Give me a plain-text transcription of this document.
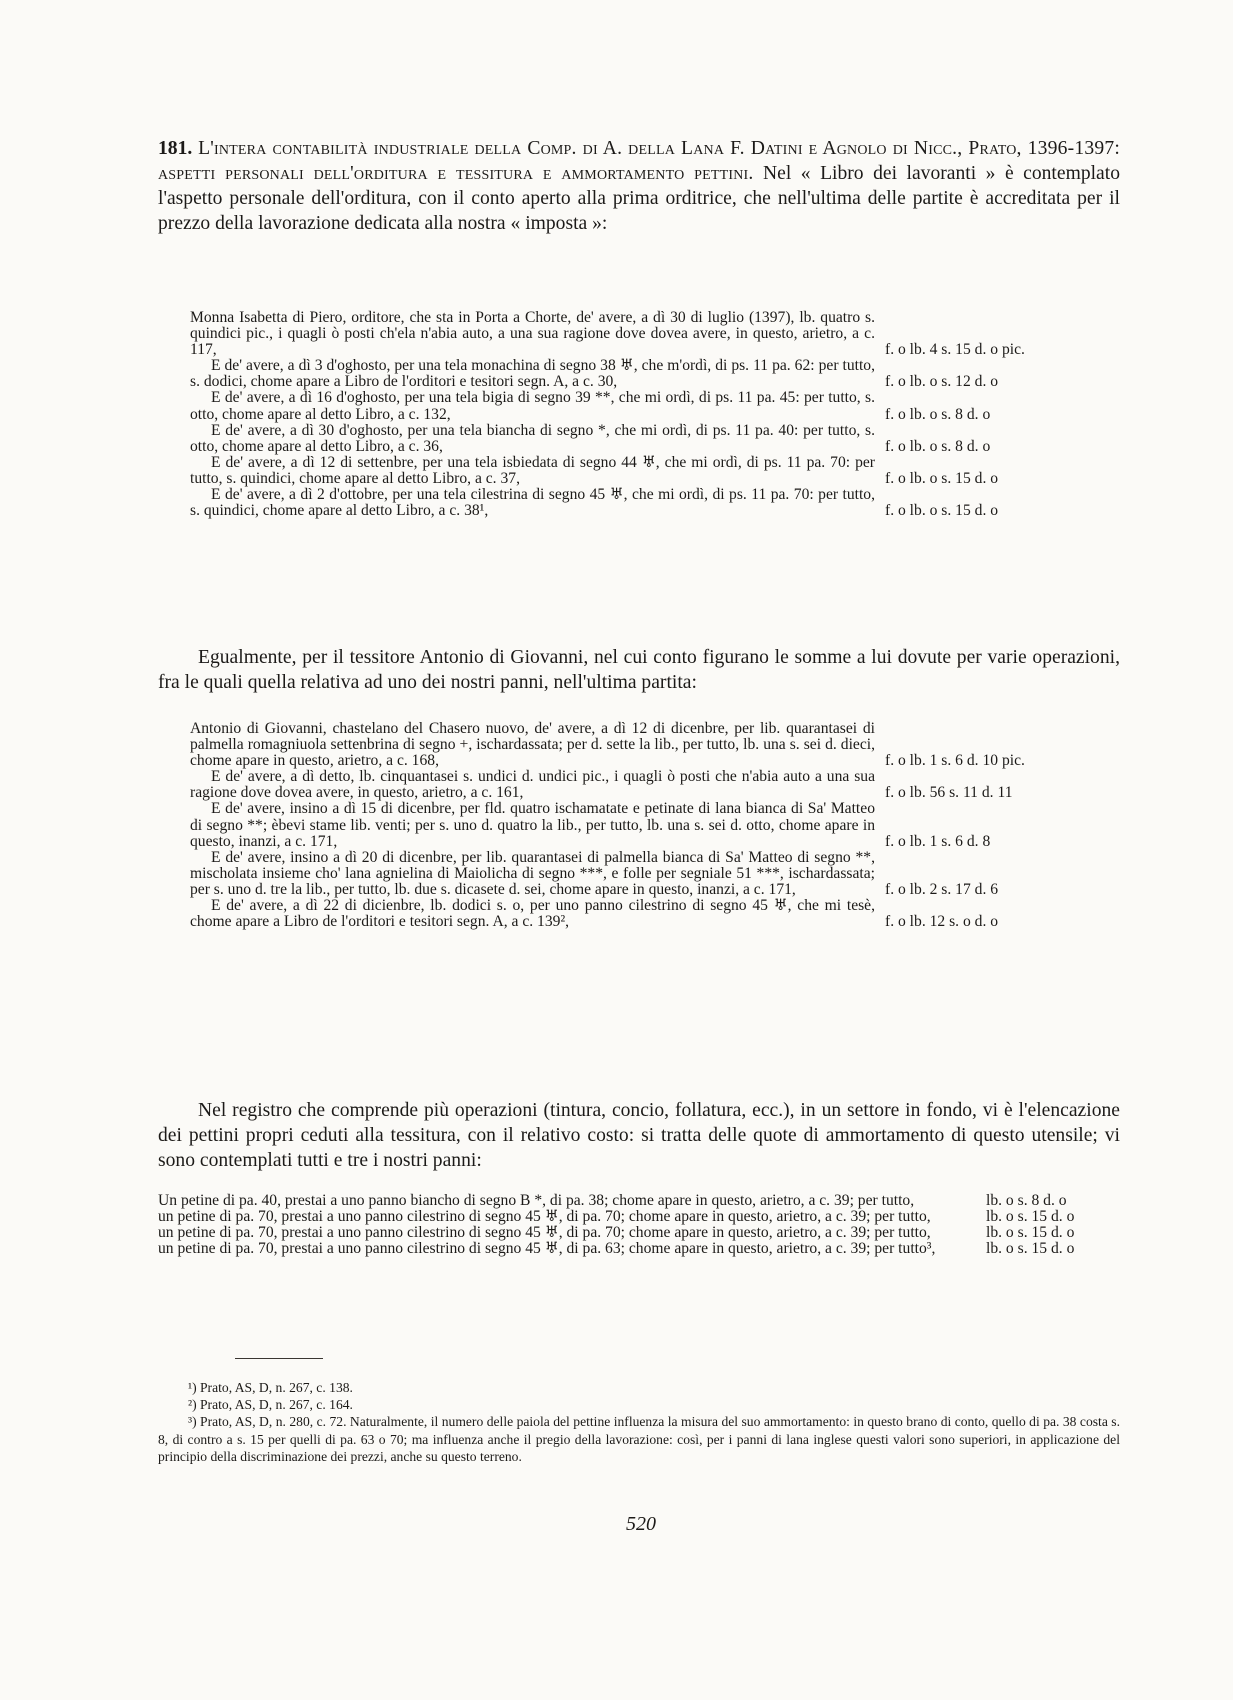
181. L'intera contabilità industriale della Comp. di A. della Lana F. Datini e Agnolo di Nicc., Prato, 1396-1397: aspetti personali dell'orditura e tessitura e ammortamento pettini. Nel « Libro dei lavoranti » è contemplato l'aspetto personale dell'orditura, con il conto aperto alla prima orditrice, che nell'ultima delle partite è accreditata per il prezzo della lavorazione dedicata alla nostra « imposta »:
Monna Isabetta di Piero, orditore, che sta in Porta a Chorte, de' avere, a dì 30 di luglio (1397), lb. quatro s. quindici pic., i quagli ò posti ch'ela n'abia auto, a una sua ragione dove dovea avere, in questo, arietro, a c. 117,	f. o lb. 4 s. 15 d. o pic.
E de' avere, a dì 3 d'oghosto, per una tela monachina di segno 38 ♅, che m'ordì, di ps. 11 pa. 62: per tutto, s. dodici, chome apare a Libro de l'orditori e tesitori segn. A, a c. 30,	f. o lb. o s. 12 d. o
E de' avere, a dì 16 d'oghosto, per una tela bigia di segno 39 **, che mi ordì, di ps. 11 pa. 45: per tutto, s. otto, chome apare al detto Libro, a c. 132,	f. o lb. o s. 8 d. o
E de' avere, a dì 30 d'oghosto, per una tela biancha di segno *, che mi ordì, di ps. 11 pa. 40: per tutto, s. otto, chome apare al detto Libro, a c. 36,	f. o lb. o s. 8 d. o
E de' avere, a dì 12 di settenbre, per una tela isbiedata di segno 44 ♅, che mi ordì, di ps. 11 pa. 70: per tutto, s. quindici, chome apare al detto Libro, a c. 37,	f. o lb. o s. 15 d. o
E de' avere, a dì 2 d'ottobre, per una tela cilestrina di segno 45 ♅, che mi ordì, di ps. 11 pa. 70: per tutto, s. quindici, chome apare al detto Libro, a c. 38¹,	f. o lb. o s. 15 d. o
Egualmente, per il tessitore Antonio di Giovanni, nel cui conto figurano le somme a lui dovute per varie operazioni, fra le quali quella relativa ad uno dei nostri panni, nell'ultima partita:
Antonio di Giovanni, chastelano del Chasero nuovo, de' avere, a dì 12 di dicenbre, per lib. quarantasei di palmella romagniuola settenbrina di segno +, ischardassata; per d. sette la lib., per tutto, lb. una s. sei d. dieci, chome apare in questo, arietro, a c. 168,	f. o lb. 1 s. 6 d. 10 pic.
E de' avere, a dì detto, lb. cinquantasei s. undici d. undici pic., i quagli ò posti che n'abia auto a una sua ragione dove dovea avere, in questo, arietro, a c. 161,	f. o lb. 56 s. 11 d. 11
E de' avere, insino a dì 15 di dicenbre, per fld. quatro ischamatate e petinate di lana bianca di Sa' Matteo di segno **; èbevi stame lib. venti; per s. uno d. quatro la lib., per tutto, lb. una s. sei d. otto, chome apare in questo, inanzi, a c. 171,	f. o lb. 1 s. 6 d. 8
E de' avere, insino a dì 20 di dicenbre, per lib. quarantasei di palmella bianca di Sa' Matteo di segno **, mischolata insieme cho' lana agnielina di Maiolicha di segno ***, e folle per segniale 51 ***, ischardassata; per s. uno d. tre la lib., per tutto, lb. due s. dicasete d. sei, chome apare in questo, inanzi, a c. 171,	f. o lb. 2 s. 17 d. 6
E de' avere, a dì 22 di dicienbre, lb. dodici s. o, per uno panno cilestrino di segno 45 ♅, che mi tesè, chome apare a Libro de l'orditori e tesitori segn. A, a c. 139²,	f. o lb. 12 s. o d. o
Nel registro che comprende più operazioni (tintura, concio, follatura, ecc.), in un settore in fondo, vi è l'elencazione dei pettini propri ceduti alla tessitura, con il relativo costo: si tratta delle quote di ammortamento di questo utensile; vi sono contemplati tutti e tre i nostri panni:
Un petine di pa. 40, prestai a uno panno biancho di segno B *, di pa. 38; chome apare in questo, arietro, a c. 39; per tutto,	lb. o s. 8 d. o
un petine di pa. 70, prestai a uno panno cilestrino di segno 45 ♅, di pa. 70; chome apare in questo, arietro, a c. 39; per tutto,	lb. o s. 15 d. o
un petine di pa. 70, prestai a uno panno cilestrino di segno 45 ♅, di pa. 70; chome apare in questo, arietro, a c. 39; per tutto,	lb. o s. 15 d. o
un petine di pa. 70, prestai a uno panno cilestrino di segno 45 ♅, di pa. 63; chome apare in questo, arietro, a c. 39; per tutto³,	lb. o s. 15 d. o

¹) Prato, AS, D, n. 267, c. 138.

²) Prato, AS, D, n. 267, c. 164.

³) Prato, AS, D, n. 280, c. 72. Naturalmente, il numero delle paiola del pettine influenza la misura del suo ammortamento: in questo brano di conto, quello di pa. 38 costa s. 8, di contro a s. 15 per quelli di pa. 63 o 70; ma influenza anche il pregio della lavorazione: così, per i panni di lana inglese questi valori sono superiori, in applicazione del principio della discriminazione dei prezzi, anche su questo terreno.

520
